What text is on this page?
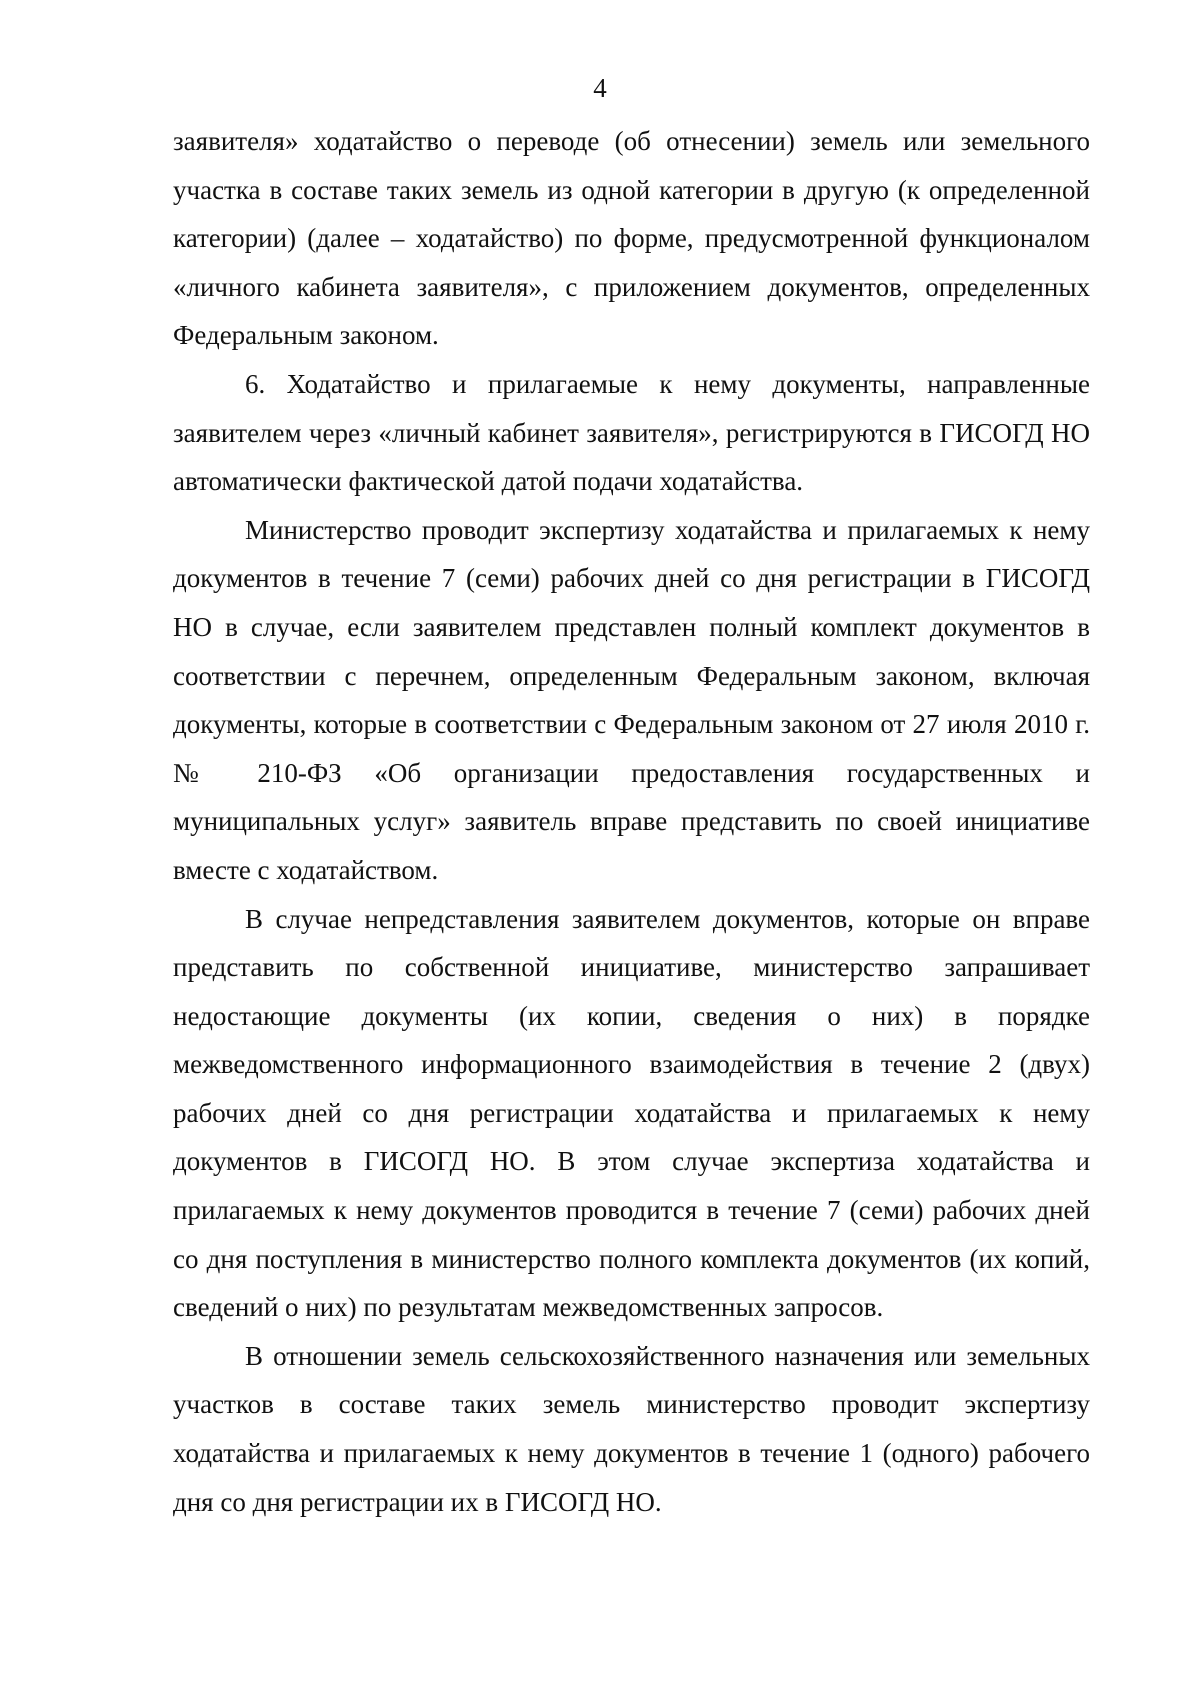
4

заявителя» ходатайство о переводе (об отнесении) земель или земельного участка в составе таких земель из одной категории в другую (к определенной категории) (далее – ходатайство) по форме, предусмотренной функционалом «личного кабинета заявителя», с приложением документов, определенных Федеральным законом.

6. Ходатайство и прилагаемые к нему документы, направленные заявителем через «личный кабинет заявителя», регистрируются в ГИСОГД НО автоматически фактической датой подачи ходатайства.

Министерство проводит экспертизу ходатайства и прилагаемых к нему документов в течение 7 (семи) рабочих дней со дня регистрации в ГИСОГД НО в случае, если заявителем представлен полный комплект документов в соответствии с перечнем, определенным Федеральным законом, включая документы, которые в соответствии с Федеральным законом от 27 июля 2010 г. № 210-ФЗ «Об организации предоставления государственных и муниципальных услуг» заявитель вправе представить по своей инициативе вместе с ходатайством.

В случае непредставления заявителем документов, которые он вправе представить по собственной инициативе, министерство запрашивает недостающие документы (их копии, сведения о них) в порядке межведомственного информационного взаимодействия в течение 2 (двух) рабочих дней со дня регистрации ходатайства и прилагаемых к нему документов в ГИСОГД НО. В этом случае экспертиза ходатайства и прилагаемых к нему документов проводится в течение 7 (семи) рабочих дней со дня поступления в министерство полного комплекта документов (их копий, сведений о них) по результатам межведомственных запросов.

В отношении земель сельскохозяйственного назначения или земельных участков в составе таких земель министерство проводит экспертизу ходатайства и прилагаемых к нему документов в течение 1 (одного) рабочего дня со дня регистрации их в ГИСОГД НО.
